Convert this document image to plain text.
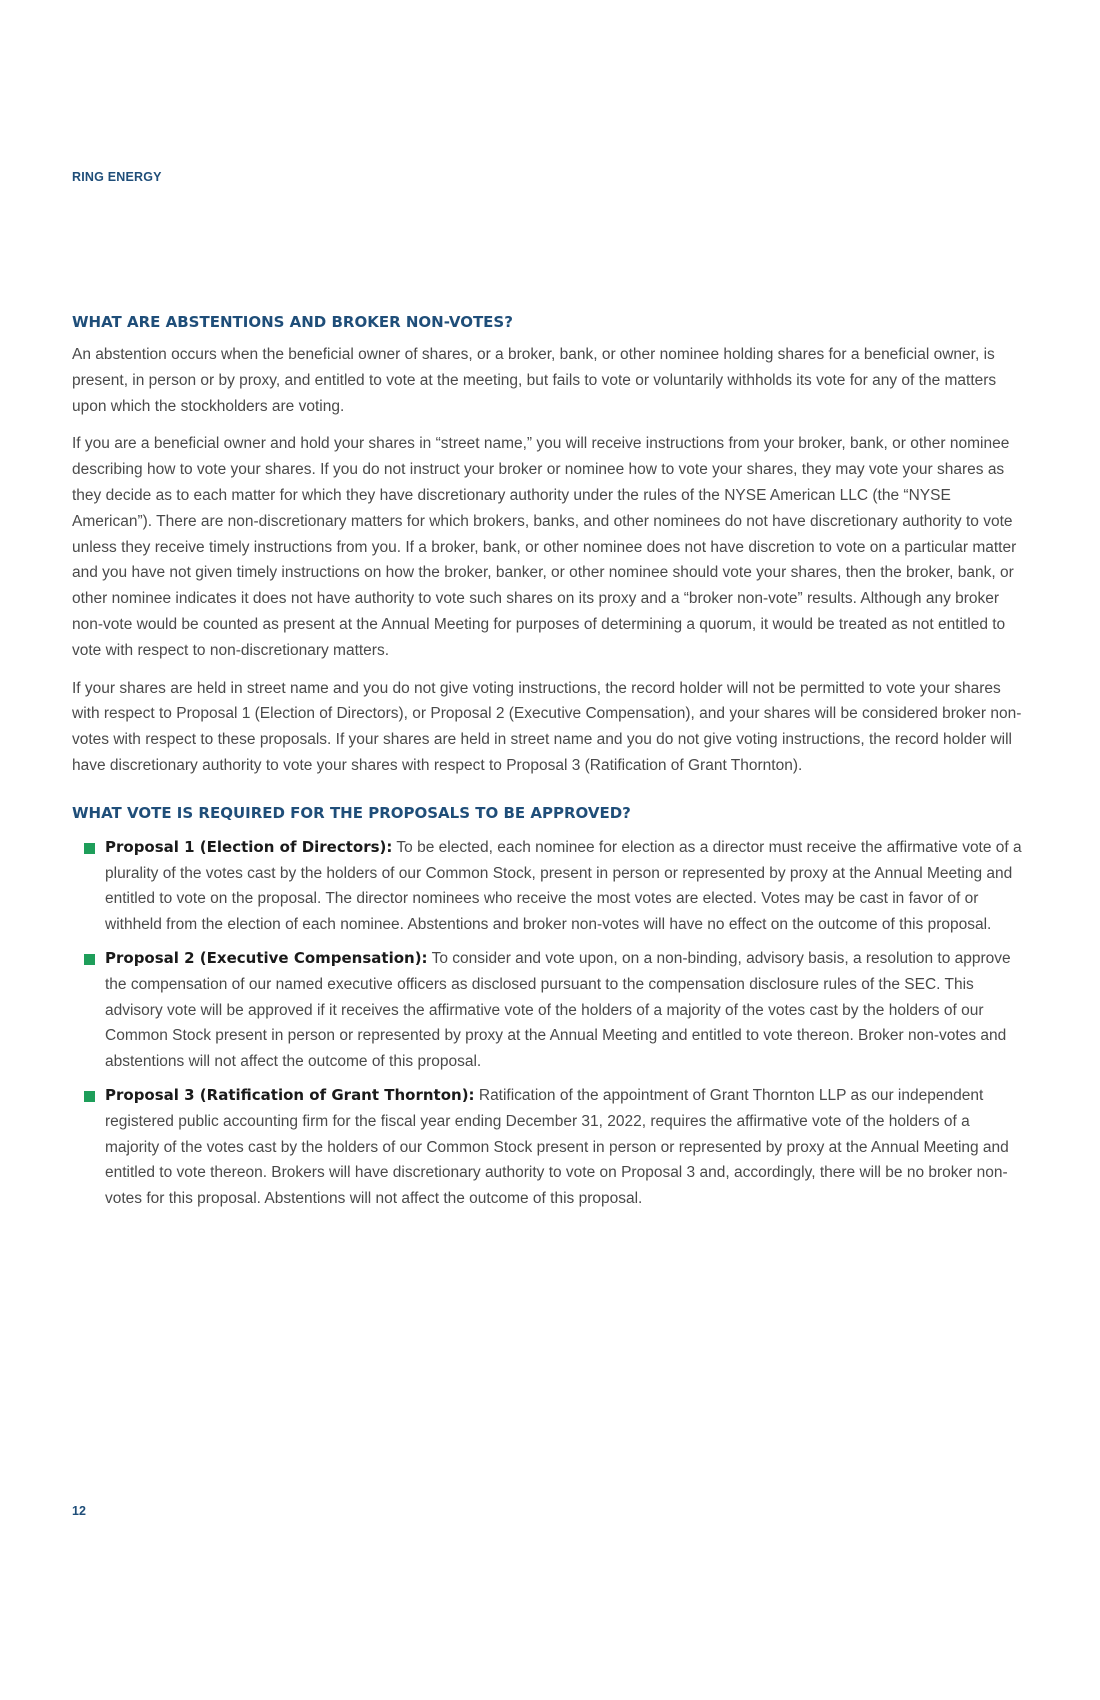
RING ENERGY
WHAT ARE ABSTENTIONS AND BROKER NON-VOTES?

An abstention occurs when the beneficial owner of shares, or a broker, bank, or other nominee holding shares for a beneficial owner, is present, in person or by proxy, and entitled to vote at the meeting, but fails to vote or voluntarily withholds its vote for any of the matters upon which the stockholders are voting.

If you are a beneficial owner and hold your shares in “street name,” you will receive instructions from your broker, bank, or other nominee describing how to vote your shares. If you do not instruct your broker or nominee how to vote your shares, they may vote your shares as they decide as to each matter for which they have discretionary authority under the rules of the NYSE American LLC (the “NYSE American”). There are non-discretionary matters for which brokers, banks, and other nominees do not have discretionary authority to vote unless they receive timely instructions from you. If a broker, bank, or other nominee does not have discretion to vote on a particular matter and you have not given timely instructions on how the broker, banker, or other nominee should vote your shares, then the broker, bank, or other nominee indicates it does not have authority to vote such shares on its proxy and a “broker non-vote” results. Although any broker non-vote would be counted as present at the Annual Meeting for purposes of determining a quorum, it would be treated as not entitled to vote with respect to non-discretionary matters.

If your shares are held in street name and you do not give voting instructions, the record holder will not be permitted to vote your shares with respect to Proposal 1 (Election of Directors), or Proposal 2 (Executive Compensation), and your shares will be considered broker non-votes with respect to these proposals. If your shares are held in street name and you do not give voting instructions, the record holder will have discretionary authority to vote your shares with respect to Proposal 3 (Ratification of Grant Thornton).

WHAT VOTE IS REQUIRED FOR THE PROPOSALS TO BE APPROVED?
Proposal 1 (Election of Directors): To be elected, each nominee for election as a director must receive the affirmative vote of a plurality of the votes cast by the holders of our Common Stock, present in person or represented by proxy at the Annual Meeting and entitled to vote on the proposal. The director nominees who receive the most votes are elected. Votes may be cast in favor of or withheld from the election of each nominee. Abstentions and broker non-votes will have no effect on the outcome of this proposal.
Proposal 2 (Executive Compensation): To consider and vote upon, on a non-binding, advisory basis, a resolution to approve the compensation of our named executive officers as disclosed pursuant to the compensation disclosure rules of the SEC. This advisory vote will be approved if it receives the affirmative vote of the holders of a majority of the votes cast by the holders of our Common Stock present in person or represented by proxy at the Annual Meeting and entitled to vote thereon. Broker non-votes and abstentions will not affect the outcome of this proposal.
Proposal 3 (Ratification of Grant Thornton): Ratification of the appointment of Grant Thornton LLP as our independent registered public accounting firm for the fiscal year ending December 31, 2022, requires the affirmative vote of the holders of a majority of the votes cast by the holders of our Common Stock present in person or represented by proxy at the Annual Meeting and entitled to vote thereon. Brokers will have discretionary authority to vote on Proposal 3 and, accordingly, there will be no broker non-votes for this proposal. Abstentions will not affect the outcome of this proposal.
12
